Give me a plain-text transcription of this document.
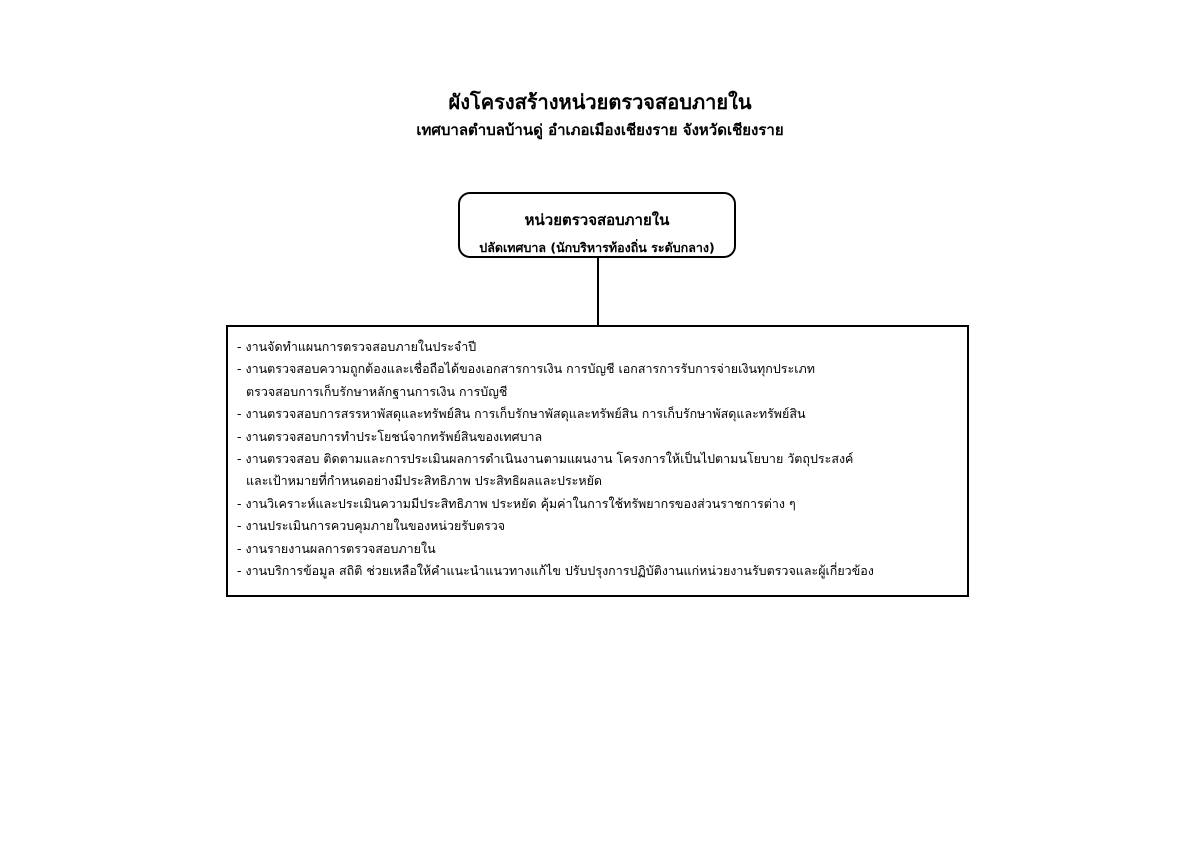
ผังโครงสร้างหน่วยตรวจสอบภายใน
เทศบาลตำบลบ้านดู่ อำเภอเมืองเชียงราย จังหวัดเชียงราย
หน่วยตรวจสอบภายใน
ปลัดเทศบาล (นักบริหารท้องถิ่น ระดับกลาง)
- งานจัดทำแผนการตรวจสอบภายในประจำปี
- งานตรวจสอบความถูกต้องและเชื่อถือได้ของเอกสารการเงิน การบัญชี เอกสารการรับการจ่ายเงินทุกประเภท
ตรวจสอบการเก็บรักษาหลักฐานการเงิน การบัญชี
- งานตรวจสอบการสรรหาพัสดุและทรัพย์สิน การเก็บรักษาพัสดุและทรัพย์สิน การเก็บรักษาพัสดุและทรัพย์สิน
- งานตรวจสอบการทำประโยชน์จากทรัพย์สินของเทศบาล
- งานตรวจสอบ ติดตามและการประเมินผลการดำเนินงานตามแผนงาน โครงการให้เป็นไปตามนโยบาย วัตถุประสงค์
และเป้าหมายที่กำหนดอย่างมีประสิทธิภาพ ประสิทธิผลและประหยัด
- งานวิเคราะห์และประเมินความมีประสิทธิภาพ ประหยัด คุ้มค่าในการใช้ทรัพยากรของส่วนราชการต่าง ๆ
- งานประเมินการควบคุมภายในของหน่วยรับตรวจ
- งานรายงานผลการตรวจสอบภายใน
- งานบริการข้อมูล สถิติ ช่วยเหลือให้คำแนะนำแนวทางแก้ไข ปรับปรุงการปฏิบัติงานแก่หน่วยงานรับตรวจและผู้เกี่ยวข้อง
